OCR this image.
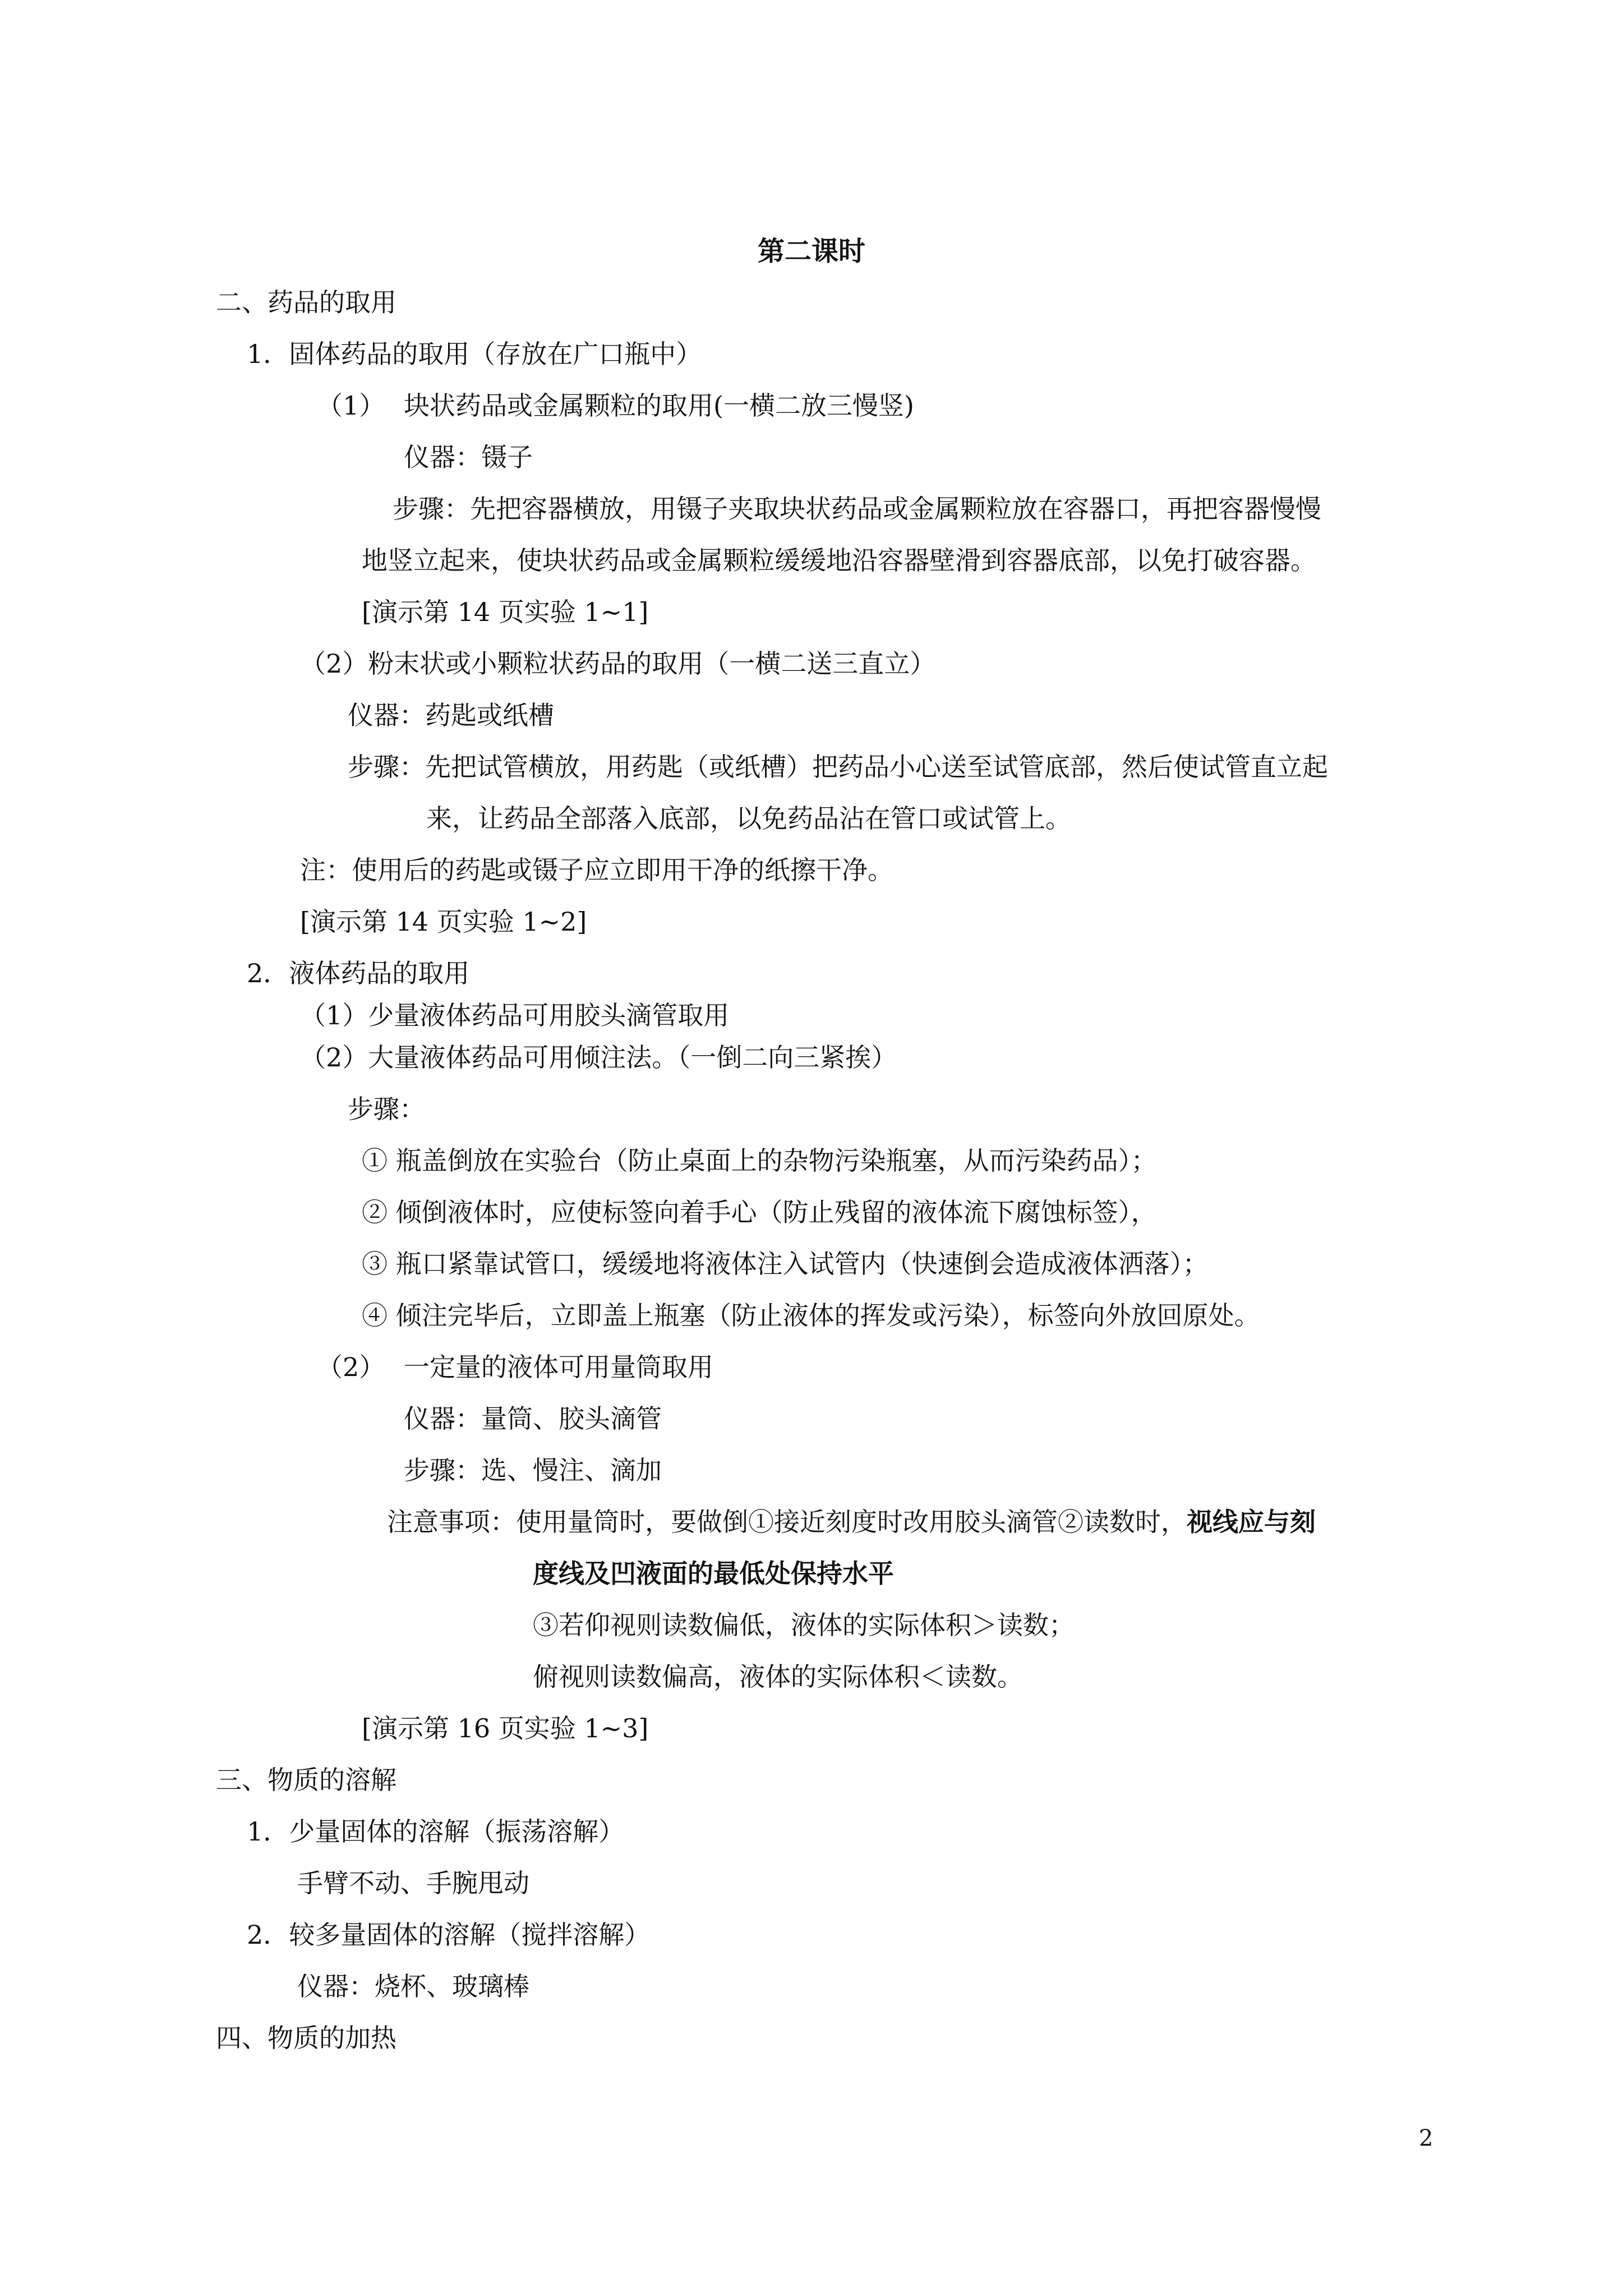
第二课时
二、药品的取用
1．固体药品的取用（存放在广口瓶中）
（1） 块状药品或金属颗粒的取用(一横二放三慢竖)
仪器：镊子
步骤：先把容器横放，用镊子夹取块状药品或金属颗粒放在容器口，再把容器慢慢
地竖立起来，使块状药品或金属颗粒缓缓地沿容器壁滑到容器底部，以免打破容器。
[演示第 14 页实验 1~1]
（2）粉末状或小颗粒状药品的取用（一横二送三直立）
仪器：药匙或纸槽
步骤：先把试管横放，用药匙（或纸槽）把药品小心送至试管底部，然后使试管直立起
来，让药品全部落入底部，以免药品沾在管口或试管上。
注：使用后的药匙或镊子应立即用干净的纸擦干净。
[演示第 14 页实验 1~2]
2．液体药品的取用
（1）少量液体药品可用胶头滴管取用
（2）大量液体药品可用倾注法。（一倒二向三紧挨）
步骤：
① 瓶盖倒放在实验台（防止桌面上的杂物污染瓶塞，从而污染药品）；
② 倾倒液体时，应使标签向着手心（防止残留的液体流下腐蚀标签），
③ 瓶口紧靠试管口，缓缓地将液体注入试管内（快速倒会造成液体洒落）；
④ 倾注完毕后，立即盖上瓶塞（防止液体的挥发或污染），标签向外放回原处。
（2） 一定量的液体可用量筒取用
仪器：量筒、胶头滴管
步骤：选、慢注、滴加
注意事项：使用量筒时，要做倒①接近刻度时改用胶头滴管②读数时，视线应与刻
度线及凹液面的最低处保持水平
③若仰视则读数偏低，液体的实际体积＞读数；
俯视则读数偏高，液体的实际体积＜读数。
[演示第 16 页实验 1~3]
三、物质的溶解
1．少量固体的溶解（振荡溶解）
手臂不动、手腕甩动
2．较多量固体的溶解（搅拌溶解）
仪器：烧杯、玻璃棒
四、物质的加热
2
